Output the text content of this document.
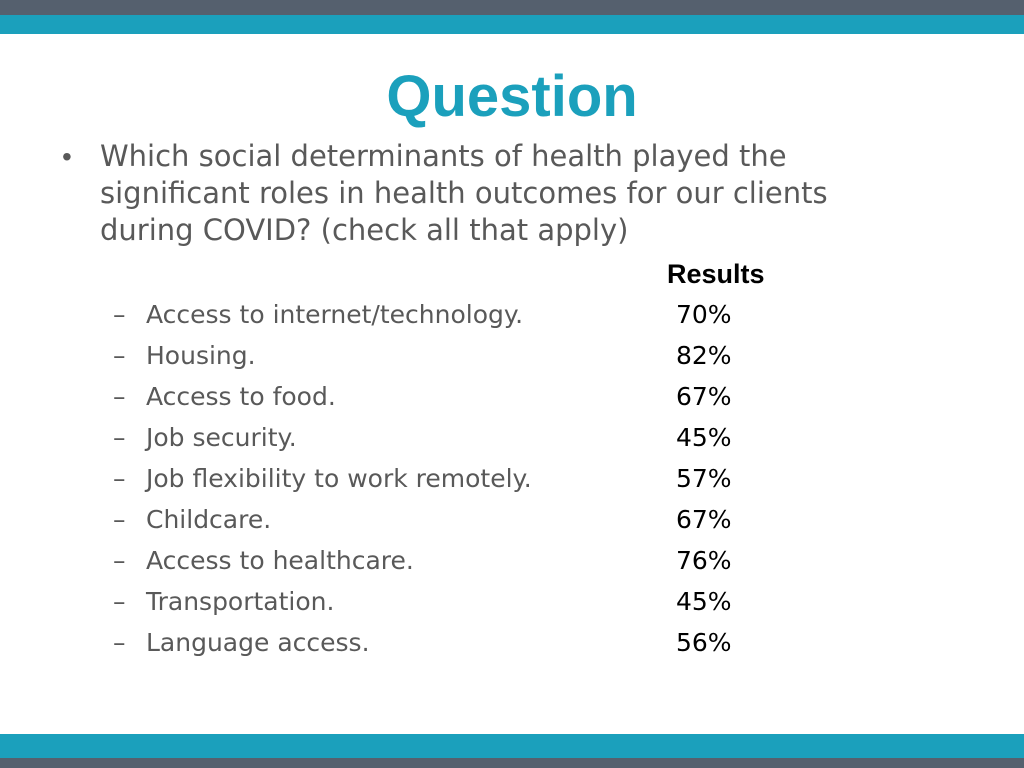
Question
• Which social determinants of health played the significant roles in health outcomes for our clients during COVID? (check all that apply)
Results
– Access to internet/technology.	70%
– Housing.	82%
– Access to food.	67%
– Job security.	45%
– Job flexibility to work remotely.	57%
– Childcare.	67%
– Access to healthcare.	76%
– Transportation.	45%
– Language access.	56%
